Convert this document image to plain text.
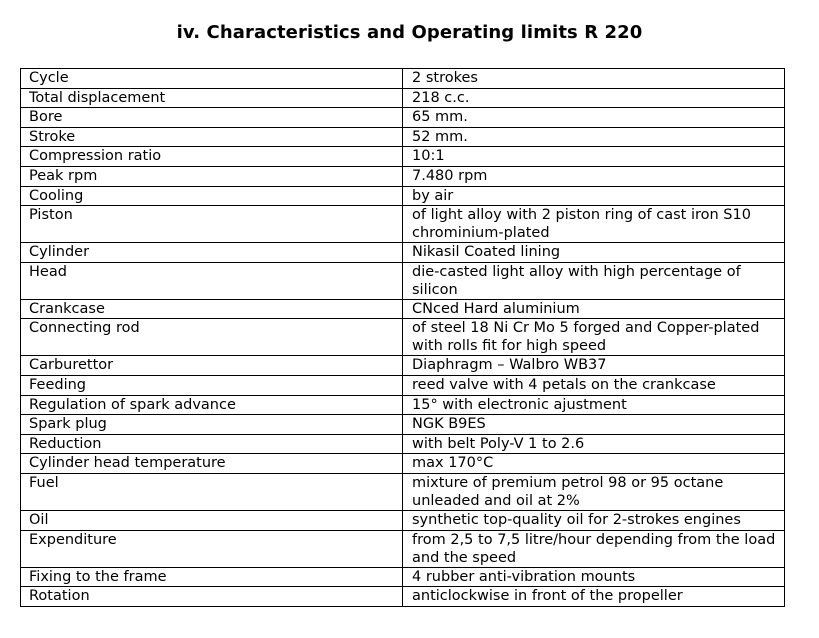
iv. Characteristics and Operating limits R 220
Cycle	2 strokes
Total displacement	218 c.c.
Bore	65 mm.
Stroke	52 mm.
Compression ratio	10:1
Peak rpm	7.480 rpm
Cooling	by air
Piston	of light alloy with 2 piston ring of cast iron S10 chrominium-plated
Cylinder	Nikasil Coated lining
Head	die-casted light alloy with high percentage of silicon
Crankcase	CNced Hard aluminium
Connecting rod	of steel 18 Ni Cr Mo 5 forged and Copper-plated with rolls fit for high speed
Carburettor	Diaphragm – Walbro WB37
Feeding	reed valve with 4 petals on the crankcase
Regulation of spark advance	15° with electronic ajustment
Spark plug	NGK B9ES
Reduction	with belt Poly-V 1 to 2.6
Cylinder head temperature	max 170°C
Fuel	mixture of premium petrol 98 or 95 octane unleaded and oil at 2%
Oil	synthetic top-quality oil for 2-strokes engines
Expenditure	from 2,5 to 7,5 litre/hour depending from the load and the speed
Fixing to the frame	4 rubber anti-vibration mounts
Rotation	anticlockwise in front of the propeller
